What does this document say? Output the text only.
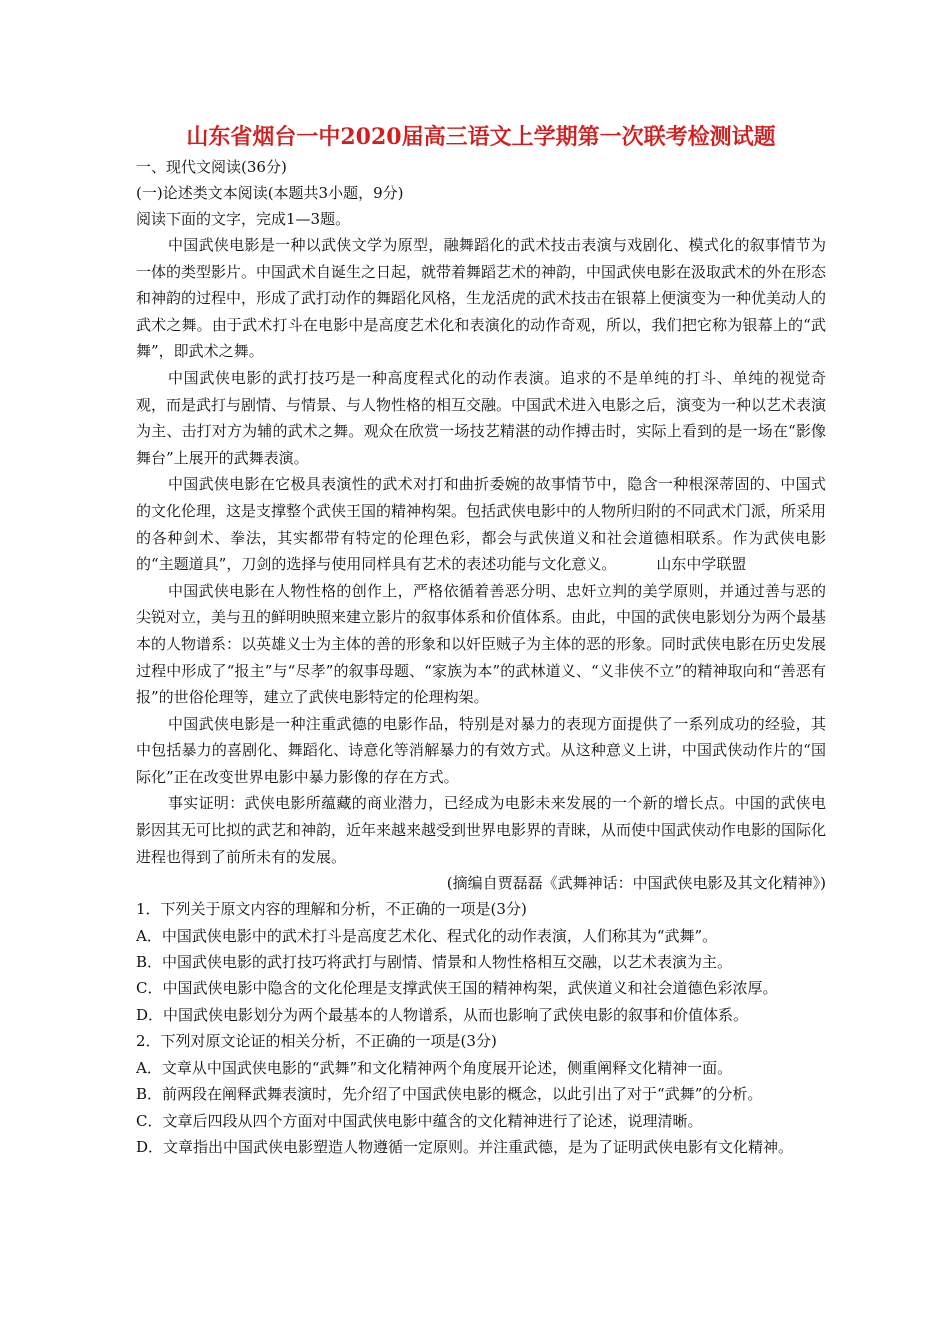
山东省烟台一中2020届高三语文上学期第一次联考检测试题

一、现代文阅读(36分)

(一)论述类文本阅读(本题共3小题，9分)

阅读下面的文字，完成1—3题。

中国武侠电影是一种以武侠文学为原型，融舞蹈化的武术技击表演与戏剧化、模式化的叙事情节为一体的类型影片。中国武术自诞生之日起，就带着舞蹈艺术的神韵，中国武侠电影在汲取武术的外在形态和神韵的过程中，形成了武打动作的舞蹈化风格，生龙活虎的武术技击在银幕上便演变为一种优美动人的武术之舞。由于武术打斗在电影中是高度艺术化和表演化的动作奇观，所以，我们把它称为银幕上的“武舞”，即武术之舞。

中国武侠电影的武打技巧是一种高度程式化的动作表演。追求的不是单纯的打斗、单纯的视觉奇观，而是武打与剧情、与情景、与人物性格的相互交融。中国武术进入电影之后，演变为一种以艺术表演为主、击打对方为辅的武术之舞。观众在欣赏一场技艺精湛的动作搏击时，实际上看到的是一场在“影像舞台”上展开的武舞表演。

中国武侠电影在它极具表演性的武术对打和曲折委婉的故事情节中，隐含一种根深蒂固的、中国式的文化伦理，这是支撑整个武侠王国的精神构架。包括武侠电影中的人物所归附的不同武术门派，所采用的各种剑术、拳法，其实都带有特定的伦理色彩，都会与武侠道义和社会道德相联系。作为武侠电影的“主题道具”，刀剑的选择与使用同样具有艺术的表述功能与文化意义。	山东中学联盟

中国武侠电影在人物性格的创作上，严格依循着善恶分明、忠奸立判的美学原则，并通过善与恶的尖锐对立，美与丑的鲜明映照来建立影片的叙事体系和价值体系。由此，中国的武侠电影划分为两个最基本的人物谱系：以英雄义士为主体的善的形象和以奸臣贼子为主体的恶的形象。同时武侠电影在历史发展过程中形成了“报主”与“尽孝”的叙事母题、“家族为本”的武林道义、“义非侠不立”的精神取向和“善恶有报”的世俗伦理等，建立了武侠电影特定的伦理构架。

中国武侠电影是一种注重武德的电影作品，特别是对暴力的表现方面提供了一系列成功的经验，其中包括暴力的喜剧化、舞蹈化、诗意化等消解暴力的有效方式。从这种意义上讲，中国武侠动作片的“国际化”正在改变世界电影中暴力影像的存在方式。

事实证明：武侠电影所蕴藏的商业潜力，已经成为电影未来发展的一个新的增长点。中国的武侠电影因其无可比拟的武艺和神韵，近年来越来越受到世界电影界的青睐，从而使中国武侠动作电影的国际化进程也得到了前所未有的发展。

(摘编自贾磊磊《武舞神话：中国武侠电影及其文化精神》)

1．下列关于原文内容的理解和分析，不正确的一项是(3分)

A．中国武侠电影中的武术打斗是高度艺术化、程式化的动作表演，人们称其为“武舞”。

B．中国武侠电影的武打技巧将武打与剧情、情景和人物性格相互交融，以艺术表演为主。

C．中国武侠电影中隐含的文化伦理是支撑武侠王国的精神构架，武侠道义和社会道德色彩浓厚。

D．中国武侠电影划分为两个最基本的人物谱系，从而也影响了武侠电影的叙事和价值体系。

2．下列对原文论证的相关分析，不正确的一项是(3分)

A．文章从中国武侠电影的“武舞”和文化精神两个角度展开论述，侧重阐释文化精神一面。

B．前两段在阐释武舞表演时，先介绍了中国武侠电影的概念，以此引出了对于“武舞”的分析。

C．文章后四段从四个方面对中国武侠电影中蕴含的文化精神进行了论述，说理清晰。

D．文章指出中国武侠电影塑造人物遵循一定原则。并注重武德，是为了证明武侠电影有文化精神。
